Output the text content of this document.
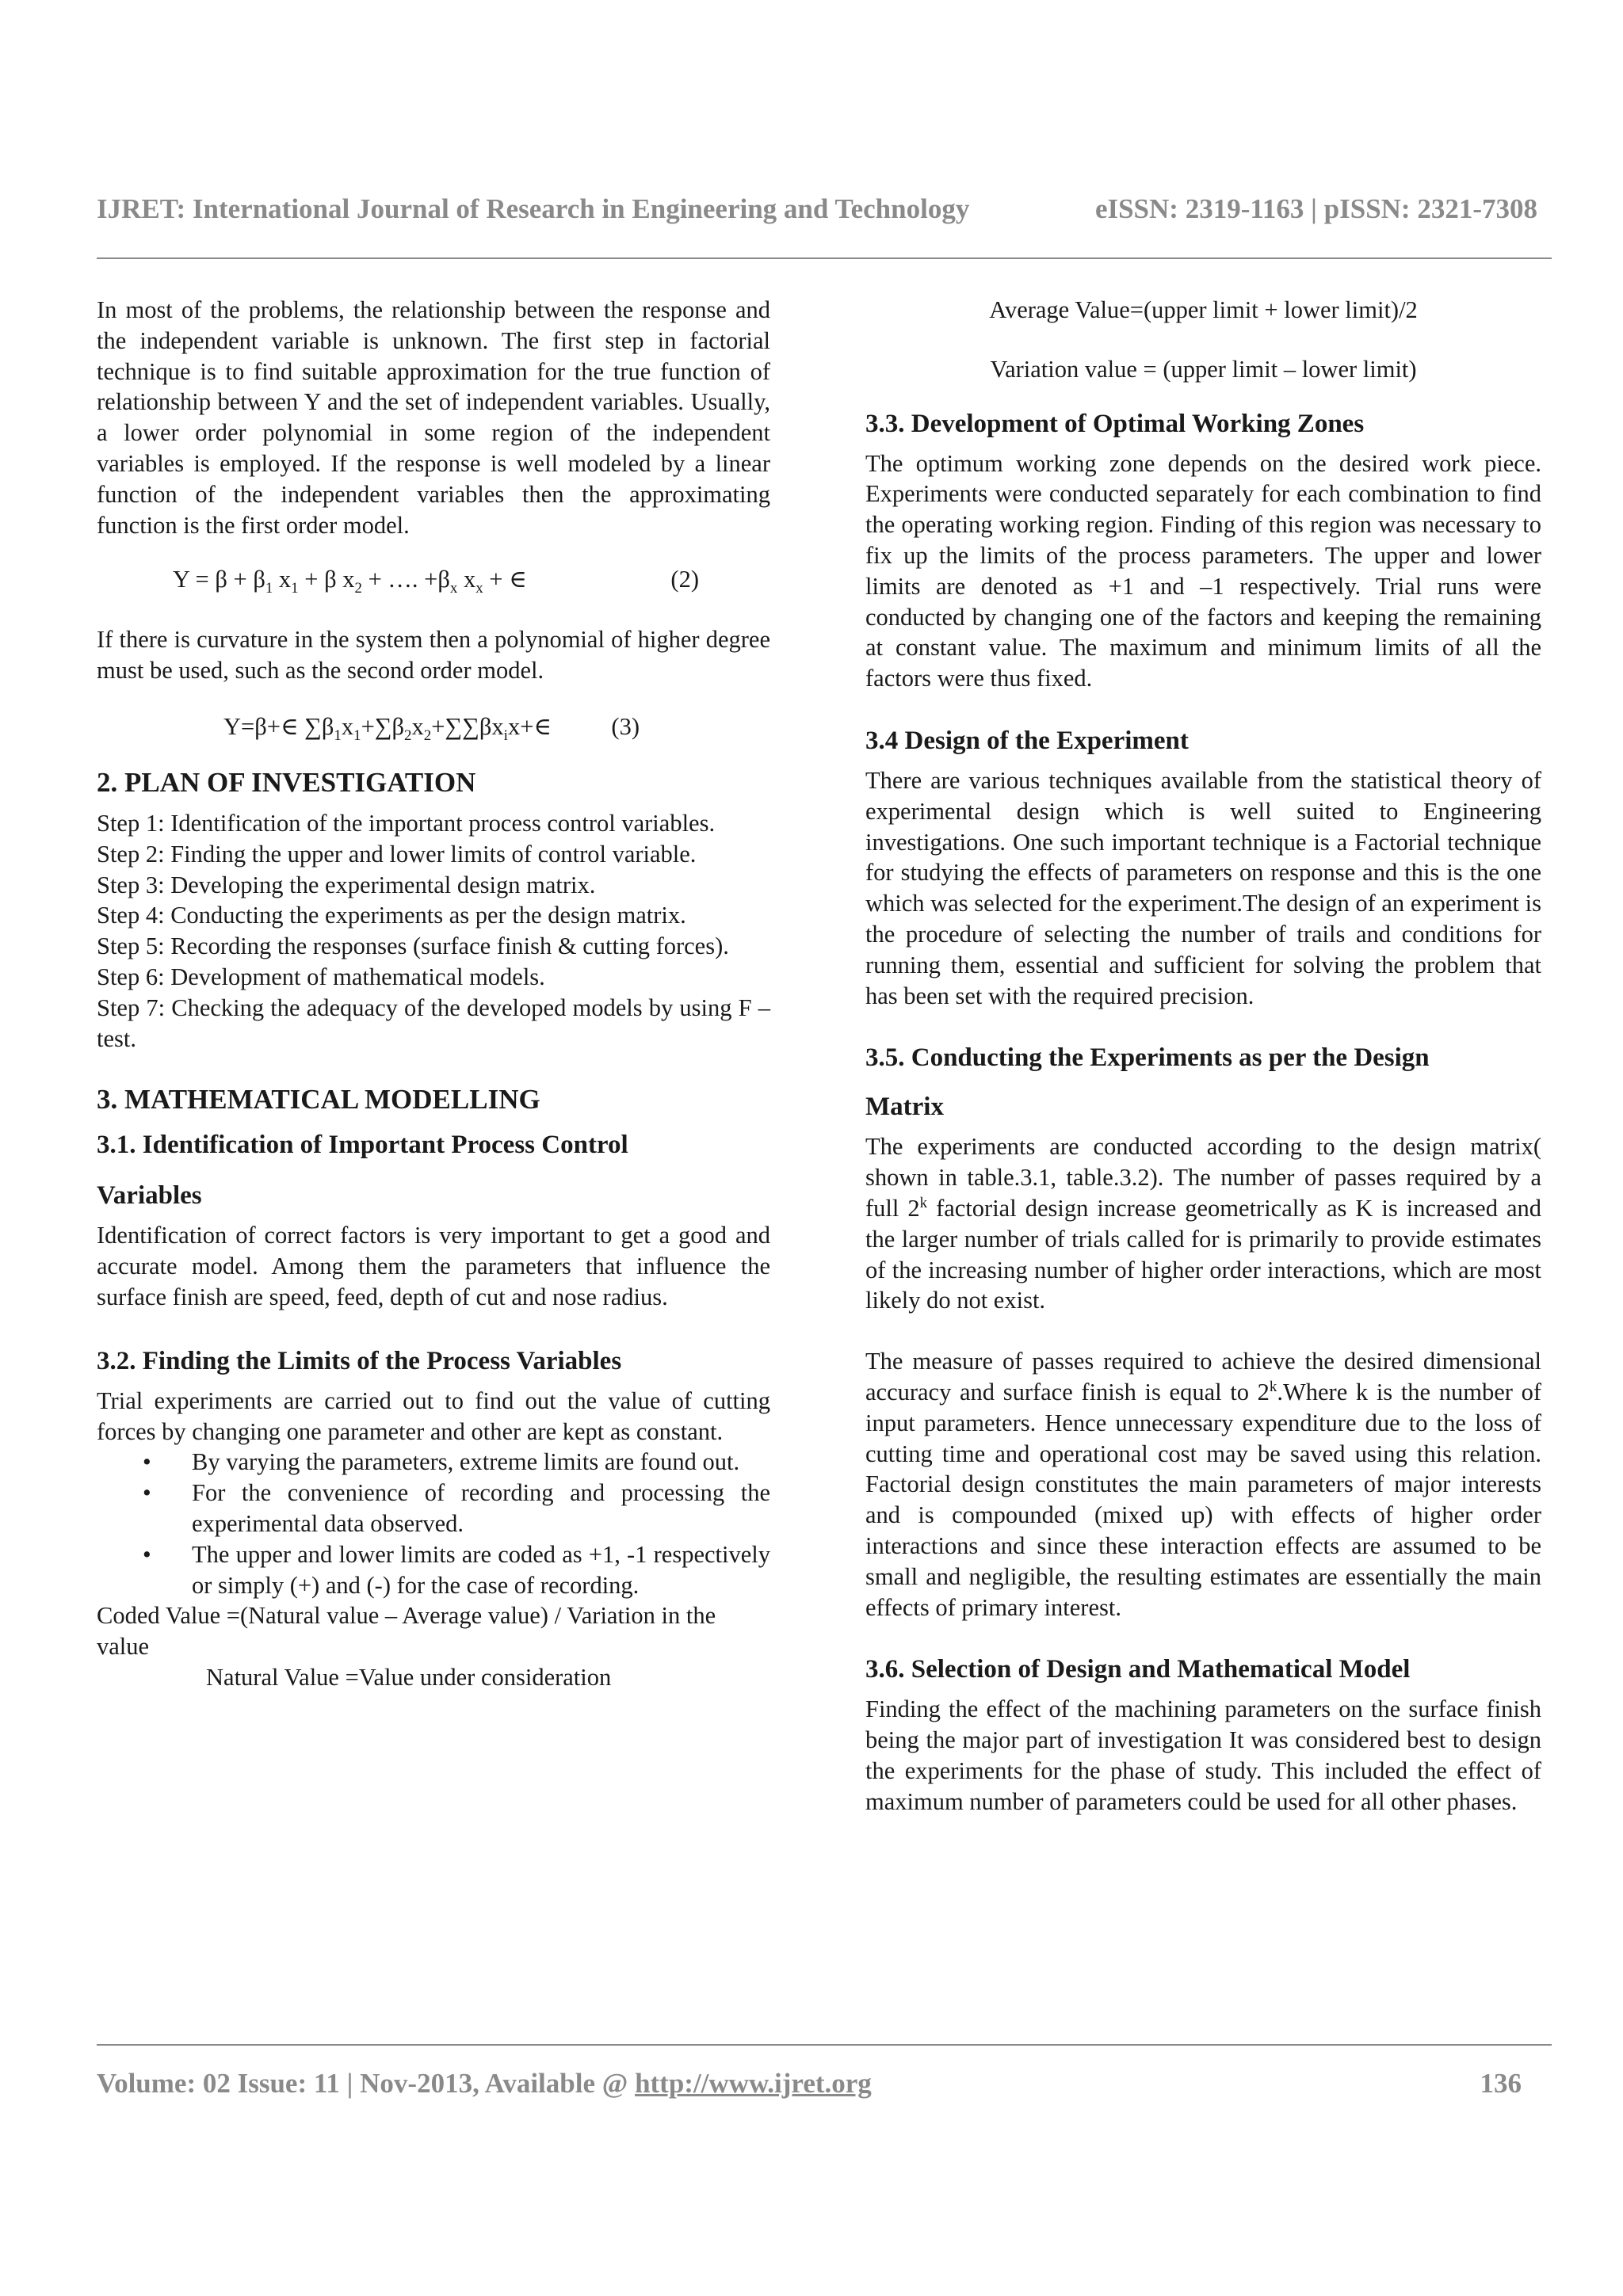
IJRET: International Journal of Research in Engineering and Technology	eISSN: 2319-1163 | pISSN: 2321-7308

In most of the problems, the relationship between the response and the independent variable is unknown. The first step in factorial technique is to find suitable approximation for the true function of relationship between Y and the set of independent variables. Usually, a lower order polynomial in some region of the independent variables is employed. If the response is well modeled by a linear function of the independent variables then the approximating function is the first order model.

$Y = \beta + \beta_1$ $x_1 + \beta$ $x_2$ + …. $+\beta_x$ $x_x$ + ∈	(2)

If there is curvature in the system then a polynomial of higher degree must be used, such as the second order model.

Y=β+∈ $\sum\beta_1x_1+\sum\beta_2x_2+\sum\sum\beta x_ix+\in$ (3)
2. PLAN OF INVESTIGATION

Step 1: Identification of the important process control variables.

Step 2: Finding the upper and lower limits of control variable.

Step 3: Developing the experimental design matrix.

Step 4: Conducting the experiments as per the design matrix.

Step 5: Recording the responses (surface finish & cutting forces).

Step 6: Development of mathematical models.

Step 7: Checking the adequacy of the developed models by using F –test.

3. MATHEMATICAL MODELLING
3.1. Identification of Important Process Control
Variables

Identification of correct factors is very important to get a good and accurate model. Among them the parameters that influence the surface finish are speed, feed, depth of cut and nose radius.

3.2. Finding the Limits of the Process Variables

Trial experiments are carried out to find out the value of cutting forces by changing one parameter and other are kept as constant.

• By varying the parameters, extreme limits are found out.
• For the convenience of recording and processing the experimental data observed.
• The upper and lower limits are coded as +1, -1 respectively or simply (+) and (-) for the case of recording.

Coded Value =(Natural value – Average value) / Variation in the value

Natural Value =Value under consideration

Average Value=(upper limit + lower limit)/2

Variation value = (upper limit – lower limit)

3.3. Development of Optimal Working Zones

The optimum working zone depends on the desired work piece. Experiments were conducted separately for each combination to find the operating working region. Finding of this region was necessary to fix up the limits of the process parameters. The upper and lower limits are denoted as +1 and –1 respectively. Trial runs were conducted by changing one of the factors and keeping the remaining at constant value. The maximum and minimum limits of all the factors were thus fixed.

3.4 Design of the Experiment

There are various techniques available from the statistical theory of experimental design which is well suited to Engineering investigations. One such important technique is a Factorial technique for studying the effects of parameters on response and this is the one which was selected for the experiment.The design of an experiment is the procedure of selecting the number of trails and conditions for running them, essential and sufficient for solving the problem that has been set with the required precision.

3.5. Conducting the Experiments as per the Design
Matrix

The experiments are conducted according to the design matrix( shown in table.3.1, table.3.2). The number of passes required by a full 2$^k$ factorial design increase geometrically as K is increased and the larger number of trials called for is primarily to provide estimates of the increasing number of higher order interactions, which are most likely do not exist.

The measure of passes required to achieve the desired dimensional accuracy and surface finish is equal to 2$^k$.Where k is the number of input parameters. Hence unnecessary expenditure due to the loss of cutting time and operational cost may be saved using this relation. Factorial design constitutes the main parameters of major interests and is compounded (mixed up) with effects of higher order interactions and since these interaction effects are assumed to be small and negligible, the resulting estimates are essentially the main effects of primary interest.

3.6. Selection of Design and Mathematical Model

Finding the effect of the machining parameters on the surface finish being the major part of investigation It was considered best to design the experiments for the phase of study. This included the effect of maximum number of parameters could be used for all other phases.

Volume: 02 Issue: 11 | Nov-2013, Available @ http://www.ijret.org	136
